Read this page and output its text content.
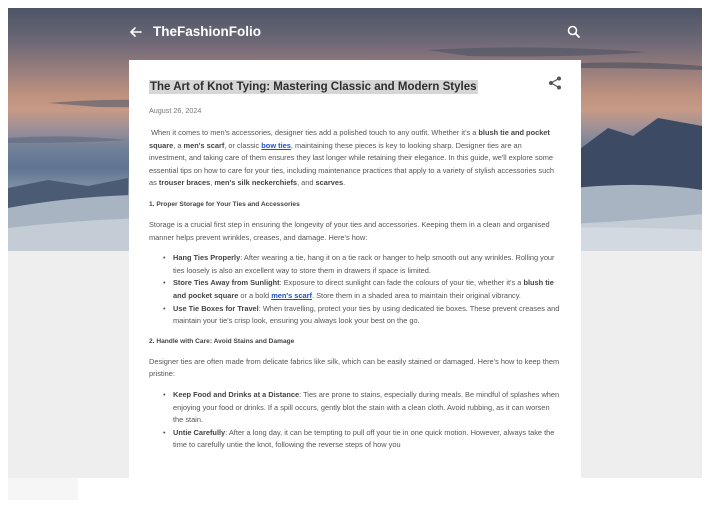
TheFashionFolio
The Art of Knot Tying: Mastering Classic and Modern Styles
August 26, 2024

When it comes to men's accessories, designer ties add a polished touch to any outfit. Whether it's a blush tie and pocket square, a men's scarf, or classic bow ties, maintaining these pieces is key to looking sharp. Designer ties are an investment, and taking care of them ensures they last longer while retaining their elegance. In this guide, we'll explore some essential tips on how to care for your ties, including maintenance practices that apply to a variety of stylish accessories such as trouser braces, men's silk neckerchiefs, and scarves.

1. Proper Storage for Your Ties and Accessories

Storage is a crucial first step in ensuring the longevity of your ties and accessories. Keeping them in a clean and organised manner helps prevent wrinkles, creases, and damage. Here's how:

• Hang Ties Properly: After wearing a tie, hang it on a tie rack or hanger to help smooth out any wrinkles. Rolling your ties loosely is also an excellent way to store them in drawers if space is limited.
• Store Ties Away from Sunlight: Exposure to direct sunlight can fade the colours of your tie, whether it's a blush tie and pocket square or a bold men's scarf. Store them in a shaded area to maintain their original vibrancy.
• Use Tie Boxes for Travel: When travelling, protect your ties by using dedicated tie boxes. These prevent creases and maintain your tie's crisp look, ensuring you always look your best on the go.
2. Handle with Care: Avoid Stains and Damage

Designer ties are often made from delicate fabrics like silk, which can be easily stained or damaged. Here's how to keep them pristine:

• Keep Food and Drinks at a Distance: Ties are prone to stains, especially during meals. Be mindful of splashes when enjoying your food or drinks. If a spill occurs, gently blot the stain with a clean cloth. Avoid rubbing, as it can worsen the stain.
• Untie Carefully: After a long day, it can be tempting to pull off your tie in one quick motion. However, always take the time to carefully untie the knot, following the reverse steps of how you
